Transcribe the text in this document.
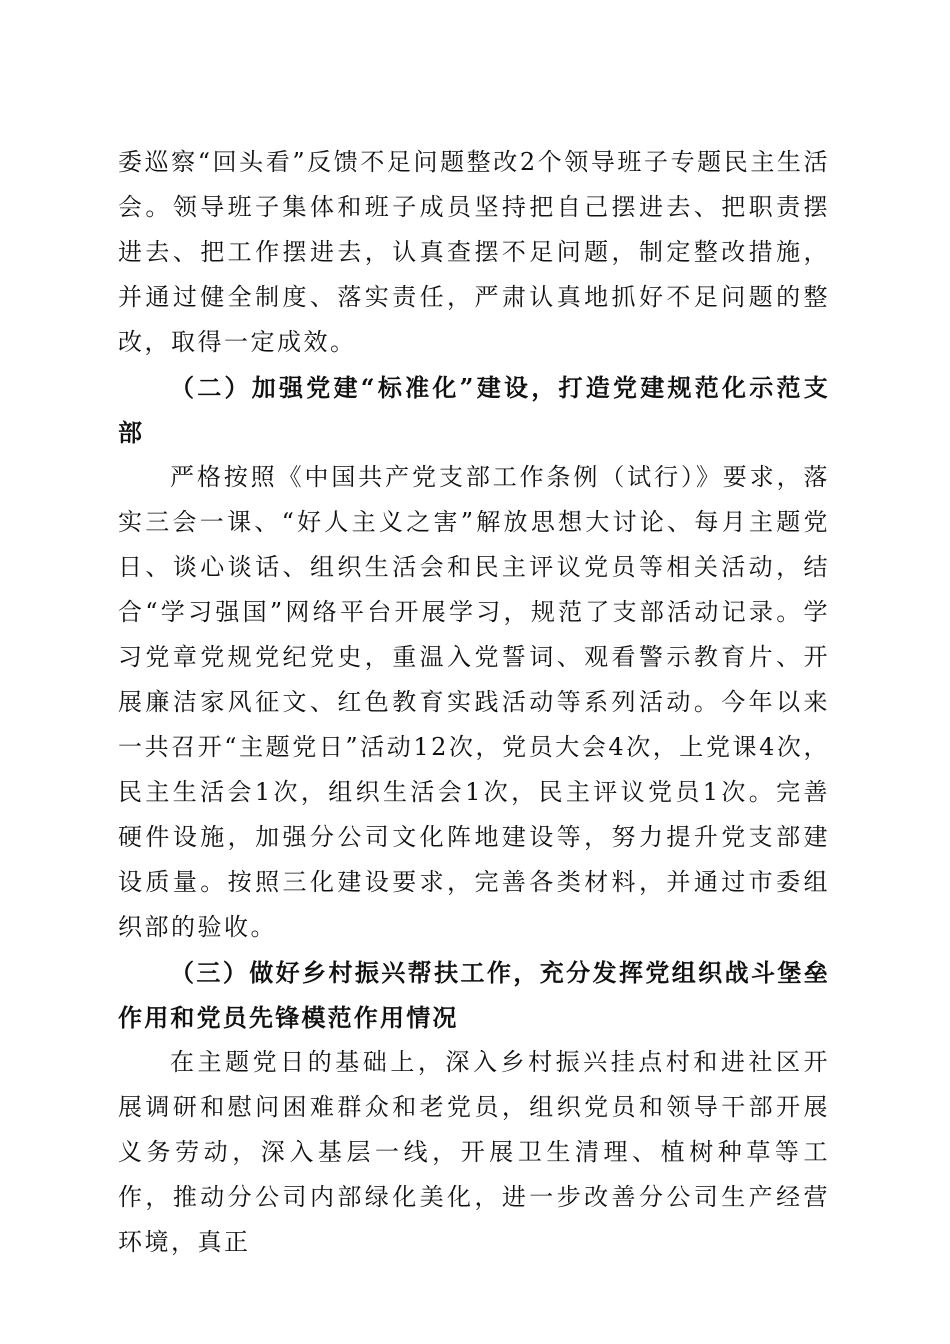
委巡察“回头看”反馈不足问题整改2个领导班子专题民主生活会。领导班子集体和班子成员坚持把自己摆进去、把职责摆进去、把工作摆进去，认真查摆不足问题，制定整改措施，并通过健全制度、落实责任，严肃认真地抓好不足问题的整改，取得一定成效。

（二）加强党建“标准化”建设，打造党建规范化示范支部

严格按照《中国共产党支部工作条例（试行）》要求，落实三会一课、“好人主义之害”解放思想大讨论、每月主题党日、谈心谈话、组织生活会和民主评议党员等相关活动，结合“学习强国”网络平台开展学习，规范了支部活动记录。学习党章党规党纪党史，重温入党誓词、观看警示教育片、开展廉洁家风征文、红色教育实践活动等系列活动。今年以来一共召开“主题党日”活动12次，党员大会4次，上党课4次，民主生活会1次，组织生活会1次，民主评议党员1次。完善硬件设施，加强分公司文化阵地建设等，努力提升党支部建设质量。按照三化建设要求，完善各类材料，并通过市委组织部的验收。

（三）做好乡村振兴帮扶工作，充分发挥党组织战斗堡垒作用和党员先锋模范作用情况

在主题党日的基础上，深入乡村振兴挂点村和进社区开展调研和慰问困难群众和老党员，组织党员和领导干部开展义务劳动，深入基层一线，开展卫生清理、植树种草等工作，推动分公司内部绿化美化，进一步改善分公司生产经营环境，真正
